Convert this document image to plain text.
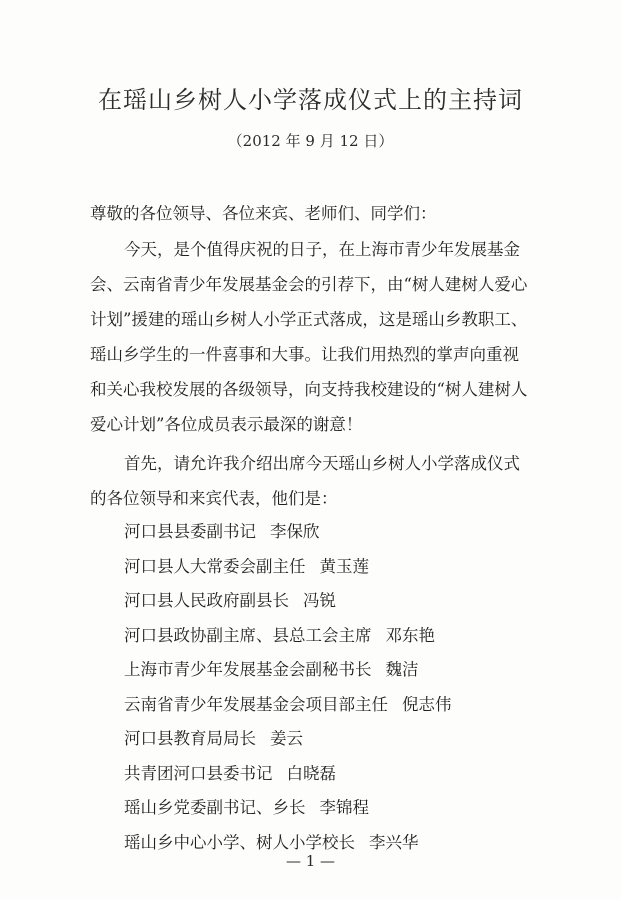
在瑶山乡树人小学落成仪式上的主持词
（2012 年 9 月 12 日）
尊敬的各位领导、各位来宾、老师们、同学们：
今天，是个值得庆祝的日子，在上海市青少年发展基金
会、云南省青少年发展基金会的引荐下，由“树人建树人爱心
计划”援建的瑶山乡树人小学正式落成，这是瑶山乡教职工、
瑶山乡学生的一件喜事和大事。让我们用热烈的掌声向重视
和关心我校发展的各级领导，向支持我校建设的“树人建树人
爱心计划”各位成员表示最深的谢意！
首先，请允许我介绍出席今天瑶山乡树人小学落成仪式
的各位领导和来宾代表，他们是：
河口县县委副书记 李保欣
河口县人大常委会副主任 黄玉莲
河口县人民政府副县长 冯锐
河口县政协副主席、县总工会主席 邓东艳
上海市青少年发展基金会副秘书长 魏洁
云南省青少年发展基金会项目部主任 倪志伟
河口县教育局局长 姜云
共青团河口县委书记 白晓磊
瑶山乡党委副书记、乡长 李锦程
瑶山乡中心小学、树人小学校长 李兴华
— 1 —
